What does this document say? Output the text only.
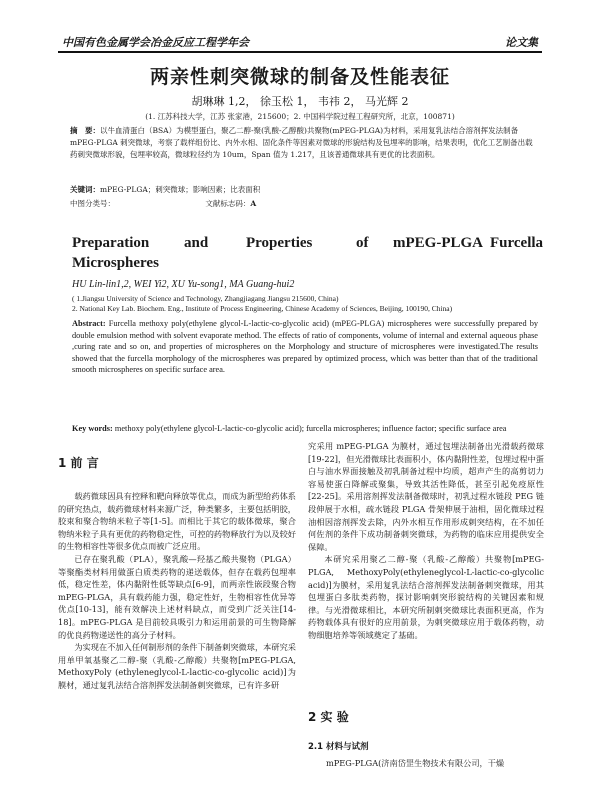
中国有色金属学会冶金反应工程学年会	论文集
两亲性刺突微球的制备及性能表征
胡琳琳 1,2， 徐玉松 1， 韦祎 2， 马光辉 2
(1. 江苏科技大学，江苏 张家港，215600；2. 中国科学院过程工程研究所，北京，100871)
摘　要：以牛血清蛋白（BSA）为模型蛋白，聚乙二醇-聚(乳酸-乙醇酸)共聚物(mPEG-PLGA)为材料，采用复乳法结合溶剂挥发法制备 mPEG-PLGA 刺突微球，考察了载样组份比、内外水相、固化条件等因素对微球的形貌结构及包埋率的影响，结果表明，优化工艺制备出载药刺突微球形貌，包埋率较高，微球粒径约为 10um，Span 值为 1.217，且该普通微球具有更优的比表面积。
关键词：mPEG-PLGA；刺突微球；影响因素；比表面积
中图分类号：	文献标志码：A
Preparation and	Properties	of mPEG-PLGA Furcella
Microspheres
HU Lin-lin1,2, WEI Yi2, XU Yu-song1, MA Guang-hui2
( 1.Jiangsu University of Science and Technology, Zhangjiagang Jiangsu 215600, China)
2. National Key Lab. Biochem. Eng., Institute of Process Engineering, Chinese Academy of Sciences, Beijing, 100190, China)
Abstract: Furcella methoxy poly(ethylene glycol-L-lactic-co-glycolic acid) (mPEG-PLGA) microspheres were successfully prepared by double emulsion method with solvent evaporate method. The effects of ratio of components, volume of internal and external aqueous phase ,curing rate and so on, and properties of microspheres on the Morphology and structure of microspheres were investigated.The results showed that the furcella morphology of the microspheres was prepared by optimized process, which was better than that of the traditional smooth microspheres on specific surface area.
Key words: methoxy poly(ethylene glycol-L-lactic-co-glycolic acid); furcella microspheres; influence factor; specific surface area
1 前 言

载药微球因具有控释和靶向释放等优点，而成为新型给药体系的研究热点，载药微球材料来源广泛，种类繁多，主要包括明胶，胶束和聚合物纳米粒子等[1-5]。而相比于其它的载体微球，聚合物纳米粒子具有更优的药物稳定性，可控的药物释放行为以及较好的生物相容性等很多优点而被广泛应用。

已存在聚乳酸（PLA），聚乳酸—羟基乙酸共聚物（PLGA）等聚酯类材料用做蛋白质类药物的递送载体，但存在载药包埋率低，稳定性差，体内黏附性低等缺点[6-9]，而两亲性嵌段聚合物 mPEG-PLGA，具有载药能力强，稳定性好，生物相容性优异等优点[10-13]，能有效解决上述材料缺点，而受到广泛关注[14-18]。mPEG-PLGA 是目前较具吸引力和运用前景的可生物降解的优良药物递送性的高分子材料。

为实现在不加入任何制形剂的条件下制备刺突微球，本研究采用单甲氧基聚乙二醇-聚（乳酸-乙醇酸）共聚物[mPEG-PLGA, MethoxyPoly (ethyleneglycol-L-lactic-co-glycolic acid)]为膜材，通过复乳法结合溶剂挥发法制备刺突微球，已有许多研

究采用 mPEG-PLGA 为膜材，通过包埋法制备出光滑载药微球[19-22]，但光滑微球比表面积小，体内黏附性差，包埋过程中蛋白与油水界面接触及初乳制备过程中均质，超声产生的高剪切力容易使蛋白降解或聚集，导致其活性降低，甚至引起免疫原性[22-25]。采用溶剂挥发法制备微球时，初乳过程水链段 PEG 链段伸展于水相，疏水链段 PLGA 骨架伸展于油相，固化微球过程油相因溶剂挥发去除，内外水相互作用形成刺突结构，在不加任何佐剂的条件下成功制备刺突微球，为药物的临床应用提供安全保障。

本研究采用聚乙二醇-聚（乳酸-乙醇酸）共聚物[mPEG-PLGA, MethoxyPoly(ethyleneglycol-L-lactic-co-glycolic acid)]为膜材，采用复乳法结合溶剂挥发法制备刺突微球，用其包埋蛋白多肽类药物，探讨影响刺突形貌结构的关键因素和规律。与光滑微球相比，本研究所制刺突微球比表面积更高，作为药物载体具有很好的应用前景，为刺突微球应用于载体药物，动物细胞培养等领域奠定了基础。

2 实 验
2.1 材料与试剂
mPEG-PLGA(济南岱罡生物技术有限公司，干燥
